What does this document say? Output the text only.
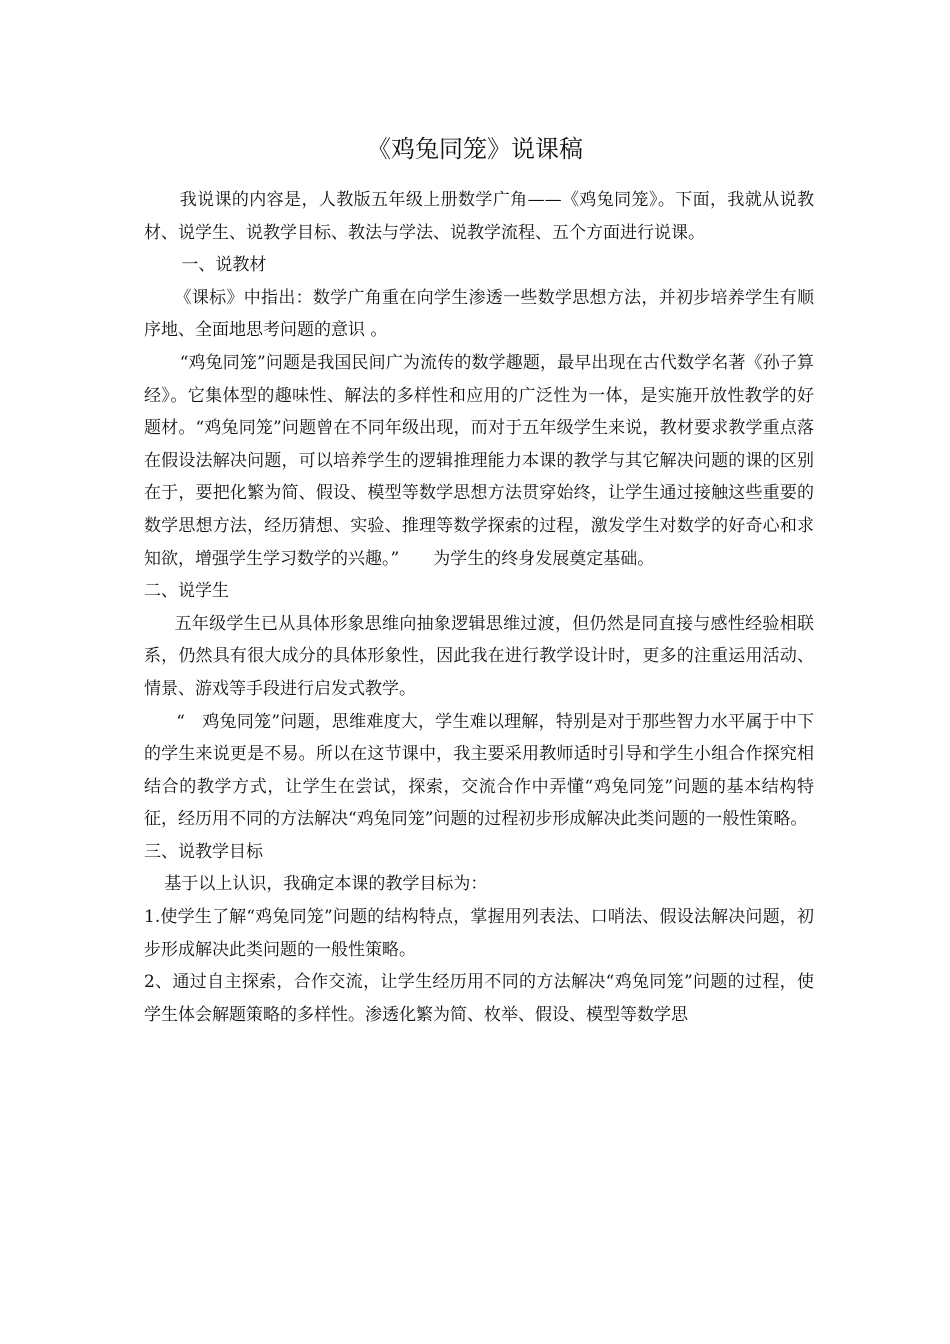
《鸡兔同笼》说课稿

我说课的内容是，人教版五年级上册数学广角——《鸡兔同笼》。下面，我就从说教材、说学生、说教学目标、教法与学法、说教学流程、五个方面进行说课。

一、说教材

《课标》中指出：数学广角重在向学生渗透一些数学思想方法，并初步培养学生有顺序地、全面地思考问题的意识 。

“鸡兔同笼”问题是我国民间广为流传的数学趣题，最早出现在古代数学名著《孙子算经》。它集体型的趣味性、解法的多样性和应用的广泛性为一体，是实施开放性教学的好题材。“鸡兔同笼”问题曾在不同年级出现，而对于五年级学生来说，教材要求教学重点落在假设法解决问题，可以培养学生的逻辑推理能力本课的教学与其它解决问题的课的区别在于，要把化繁为简、假设、模型等数学思想方法贯穿始终，让学生通过接触这些重要的数学思想方法，经历猜想、实验、推理等数学探索的过程，激发学生对数学的好奇心和求知欲，增强学生学习数学的兴趣。”　　为学生的终身发展奠定基础。

二、说学生

五年级学生已从具体形象思维向抽象逻辑思维过渡，但仍然是同直接与感性经验相联系，仍然具有很大成分的具体形象性，因此我在进行教学设计时，更多的注重运用活动、情景、游戏等手段进行启发式教学。

“　鸡兔同笼”问题，思维难度大，学生难以理解，特别是对于那些智力水平属于中下的学生来说更是不易。所以在这节课中，我主要采用教师适时引导和学生小组合作探究相结合的教学方式，让学生在尝试，探索，交流合作中弄懂“鸡兔同笼”问题的基本结构特征，经历用不同的方法解决“鸡兔同笼”问题的过程初步形成解决此类问题的一般性策略。

三、说教学目标

基于以上认识，我确定本课的教学目标为：

1.使学生了解“鸡兔同笼”问题的结构特点，掌握用列表法、口哨法、假设法解决问题，初步形成解决此类问题的一般性策略。

2、通过自主探索，合作交流，让学生经历用不同的方法解决“鸡兔同笼”问题的过程，使学生体会解题策略的多样性。渗透化繁为简、枚举、假设、模型等数学思
